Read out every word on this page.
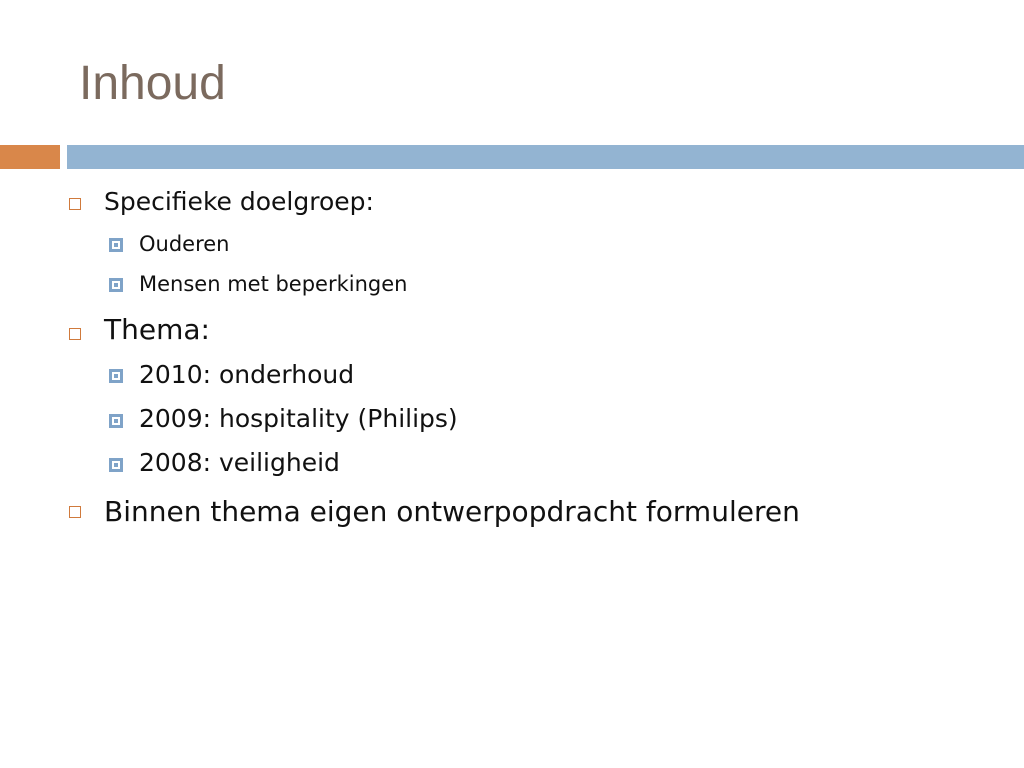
Inhoud

Specifieke doelgroep:

Ouderen

Mensen met beperkingen

Thema:

2010: onderhoud

2009: hospitality (Philips)

2008: veiligheid

Binnen thema eigen ontwerpopdracht formuleren
